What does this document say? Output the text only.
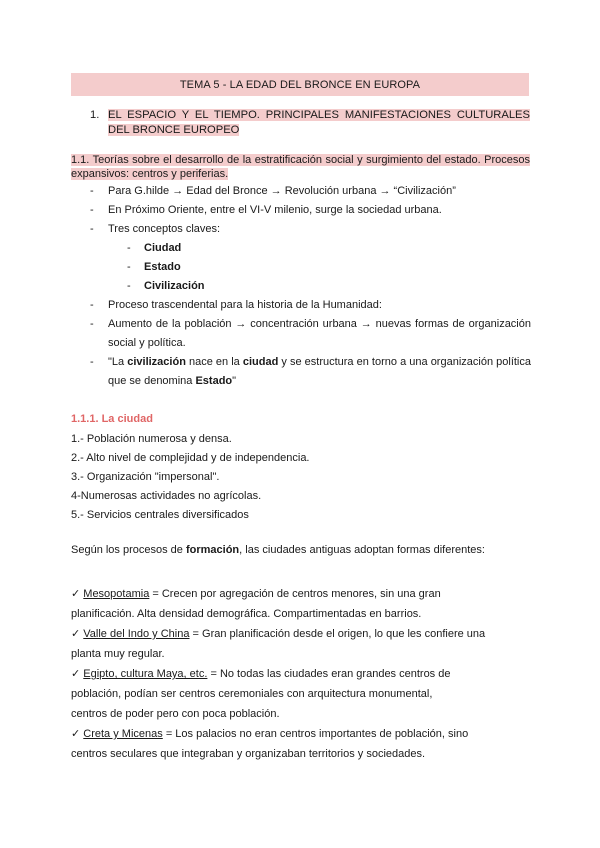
TEMA 5 - LA EDAD DEL BRONCE EN EUROPA
1. EL ESPACIO Y EL TIEMPO. PRINCIPALES MANIFESTACIONES CULTURALES DEL BRONCE EUROPEO
1.1. Teorías sobre el desarrollo de la estratificación social y surgimiento del estado. Procesos expansivos: centros y periferias.
- Para G.hilde → Edad del Bronce → Revolución urbana → “Civilización”
- En Próximo Oriente, entre el VI-V milenio, surge la sociedad urbana.
- Tres conceptos claves:
- Ciudad
- Estado
- Civilización
- Proceso trascendental para la historia de la Humanidad:
- Aumento de la población → concentración urbana → nuevas formas de organización social y política.
- "La civilización nace en la ciudad y se estructura en torno a una organización política que se denomina Estado"
1.1.1. La ciudad
1.- Población numerosa y densa.
2.- Alto nivel de complejidad y de independencia.
3.- Organización "impersonal".
4-Numerosas actividades no agrícolas.
5.- Servicios centrales diversificados
Según los procesos de formación, las ciudades antiguas adoptan formas diferentes:
✓ Mesopotamia = Crecen por agregación de centros menores, sin una gran
planificación. Alta densidad demográfica. Compartimentadas en barrios.
✓ Valle del Indo y China = Gran planificación desde el origen, lo que les confiere una
planta muy regular.
✓ Egipto, cultura Maya, etc. = No todas las ciudades eran grandes centros de
población, podían ser centros ceremoniales con arquitectura monumental,
centros de poder pero con poca población.
✓ Creta y Micenas = Los palacios no eran centros importantes de población, sino
centros seculares que integraban y organizaban territorios y sociedades.
